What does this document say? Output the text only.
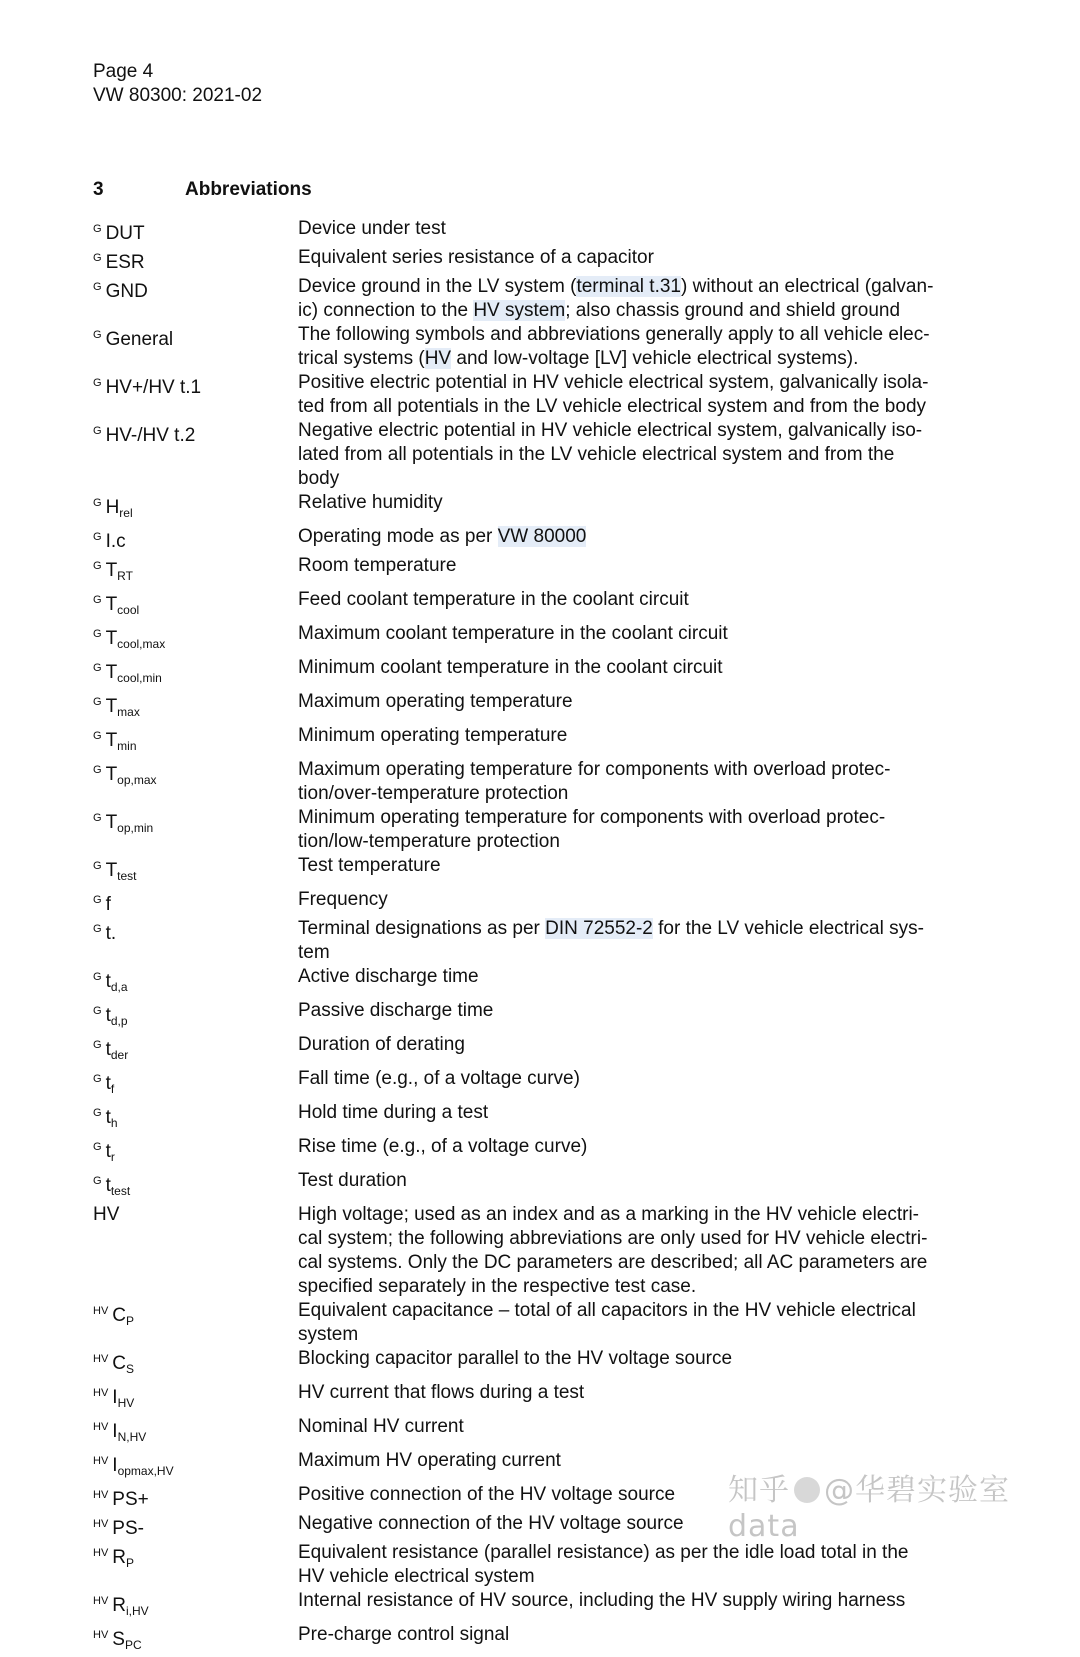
Page 4
VW 80300: 2021-02
3	Abbreviations
$^G$ DUT	Device under test
$^G$ ESR	Equivalent series resistance of a capacitor
$^G$ GND	Device ground in the LV system (terminal t.31) without an electrical (galvan-
ic) connection to the HV system; also chassis ground and shield ground
$^G$ General	The following symbols and abbreviations generally apply to all vehicle elec-
trical systems (HV and low-voltage [LV] vehicle electrical systems).
$^G$ HV+/HV t.1	Positive electric potential in HV vehicle electrical system, galvanically isola-
ted from all potentials in the LV vehicle electrical system and from the body
$^G$ HV-/HV t.2	Negative electric potential in HV vehicle electrical system, galvanically iso-
lated from all potentials in the LV vehicle electrical system and from the
body
$^G$ $H_{rel}$	Relative humidity
$^G$ I.c	Operating mode as per VW 80000
$^G$ $T_{RT}$	Room temperature
$^G$ $T_{cool}$	Feed coolant temperature in the coolant circuit
$^G$ $T_{cool,max}$	Maximum coolant temperature in the coolant circuit
$^G$ $T_{cool,min}$	Minimum coolant temperature in the coolant circuit
$^G$ $T_{max}$	Maximum operating temperature
$^G$ $T_{min}$	Minimum operating temperature
$^G$ $T_{op,max}$	Maximum operating temperature for components with overload protec-
tion/over-temperature protection
$^G$ $T_{op,min}$	Minimum operating temperature for components with overload protec-
tion/low-temperature protection
$^G$ $T_{test}$	Test temperature
$^G$ f	Frequency
$^G$ t.	Terminal designations as per DIN 72552-2 for the LV vehicle electrical sys-
tem
$^G$ $t_{d,a}$	Active discharge time
$^G$ $t_{d,p}$	Passive discharge time
$^G$ $t_{der}$	Duration of derating
$^G$ $t_f$	Fall time (e.g., of a voltage curve)
$^G$ $t_h$	Hold time during a test
$^G$ $t_r$	Rise time (e.g., of a voltage curve)
$^G$ $t_{test}$	Test duration
HV	High voltage; used as an index and as a marking in the HV vehicle electri-
cal system; the following abbreviations are only used for HV vehicle electri-
cal systems. Only the DC parameters are described; all AC parameters are
specified separately in the respective test case.
$^{HV}$ $C_P$	Equivalent capacitance – total of all capacitors in the HV vehicle electrical
system
$^{HV}$ $C_S$	Blocking capacitor parallel to the HV voltage source
$^{HV}$ $I_{HV}$	HV current that flows during a test
$^{HV}$ $I_{N,HV}$	Nominal HV current
$^{HV}$ $I_{opmax,HV}$	Maximum HV operating current
$^{HV}$ PS+	Positive connection of the HV voltage source
$^{HV}$ PS-	Negative connection of the HV voltage source
$^{HV}$ $R_P$	Equivalent resistance (parallel resistance) as per the idle load total in the
HV vehicle electrical system
$^{HV}$ $R_{i,HV}$	Internal resistance of HV source, including the HV supply wiring harness
$^{HV}$ $S_{PC}$	Pre-charge control signal
知乎 @华碧实验室data
